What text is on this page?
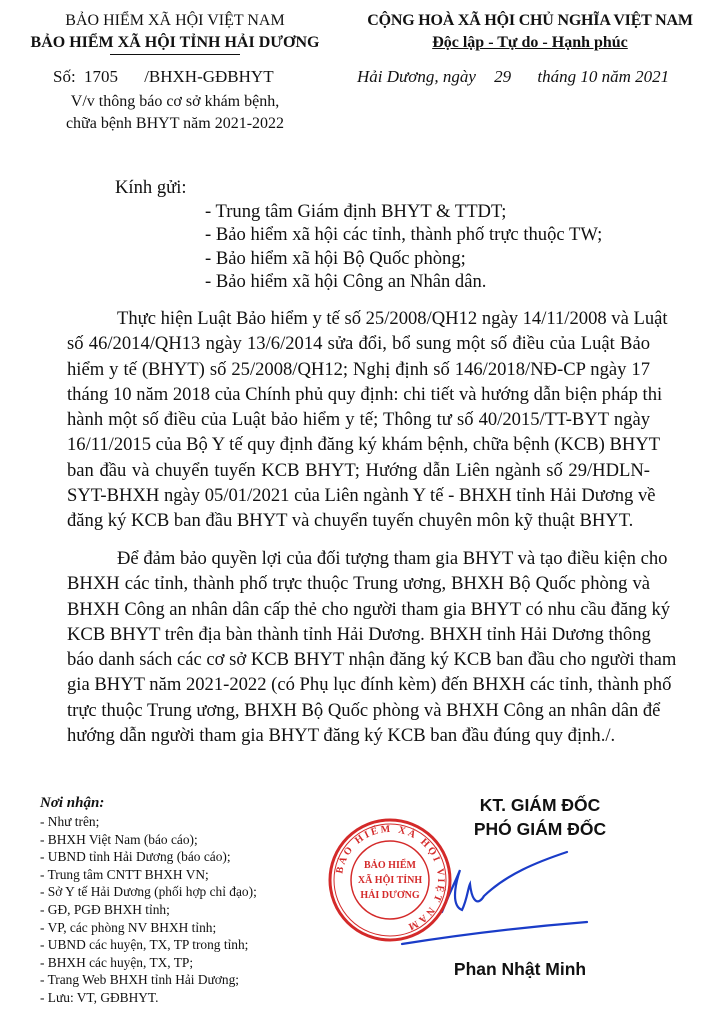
BẢO HIỂM XÃ HỘI VIỆT NAM
BẢO HIỂM XÃ HỘI TỈNH HẢI DƯƠNG
Số: 1705 /BHXH-GĐBHYT
V/v thông báo cơ sở khám bệnh,
chữa bệnh BHYT năm 2021-2022
CỘNG HOÀ XÃ HỘI CHỦ NGHĨA VIỆT NAM
Độc lập - Tự do - Hạnh phúc
Hải Dương, ngày 29 tháng 10 năm 2021
Kính gửi:
- Trung tâm Giám định BHYT & TTDT;
- Bảo hiểm xã hội các tỉnh, thành phố trực thuộc TW;
- Bảo hiểm xã hội Bộ Quốc phòng;
- Bảo hiểm xã hội Công an Nhân dân.
Thực hiện Luật Bảo hiểm y tế số 25/2008/QH12 ngày 14/11/2008 và Luật
số 46/2014/QH13 ngày 13/6/2014 sửa đổi, bổ sung một số điều của Luật Bảo
hiểm y tế (BHYT) số 25/2008/QH12; Nghị định số 146/2018/NĐ-CP ngày 17
tháng 10 năm 2018 của Chính phủ quy định: chi tiết và hướng dẫn biện pháp thi
hành một số điều của Luật bảo hiểm y tế; Thông tư số 40/2015/TT-BYT ngày
16/11/2015 của Bộ Y tế quy định đăng ký khám bệnh, chữa bệnh (KCB) BHYT
ban đầu và chuyển tuyến KCB BHYT; Hướng dẫn Liên ngành số 29/HDLN-
SYT-BHXH ngày 05/01/2021 của Liên ngành Y tế - BHXH tỉnh Hải Dương về
đăng ký KCB ban đầu BHYT và chuyển tuyến chuyên môn kỹ thuật BHYT.
Để đảm bảo quyền lợi của đối tượng tham gia BHYT và tạo điều kiện cho
BHXH các tỉnh, thành phố trực thuộc Trung ương, BHXH Bộ Quốc phòng và
BHXH Công an nhân dân cấp thẻ cho người tham gia BHYT có nhu cầu đăng ký
KCB BHYT trên địa bàn thành tỉnh Hải Dương. BHXH tỉnh Hải Dương thông
báo danh sách các cơ sở KCB BHYT nhận đăng ký KCB ban đầu cho người tham
gia BHYT năm 2021-2022 (có Phụ lục đính kèm) đến BHXH các tỉnh, thành phố
trực thuộc Trung ương, BHXH Bộ Quốc phòng và BHXH Công an nhân dân để
hướng dẫn người tham gia BHYT đăng ký KCB ban đầu đúng quy định./.
Nơi nhận:
- Như trên;
- BHXH Việt Nam (báo cáo);
- UBND tỉnh Hải Dương (báo cáo);
- Trung tâm CNTT BHXH VN;
- Sở Y tế Hải Dương (phối hợp chỉ đạo);
- GĐ, PGĐ BHXH tỉnh;
- VP, các phòng NV BHXH tỉnh;
- UBND các huyện, TX, TP trong tỉnh;
- BHXH các huyện, TX, TP;
- Trang Web BHXH tỉnh Hải Dương;
- Lưu: VT, GĐBHYT.
KT. GIÁM ĐỐC
PHÓ GIÁM ĐỐC
BẢO HIỂM XÃ HỘI VIỆT NAM
BẢO HIỂM
XÃ HỘI TỈNH
HẢI DƯƠNG
Phan Nhật Minh
